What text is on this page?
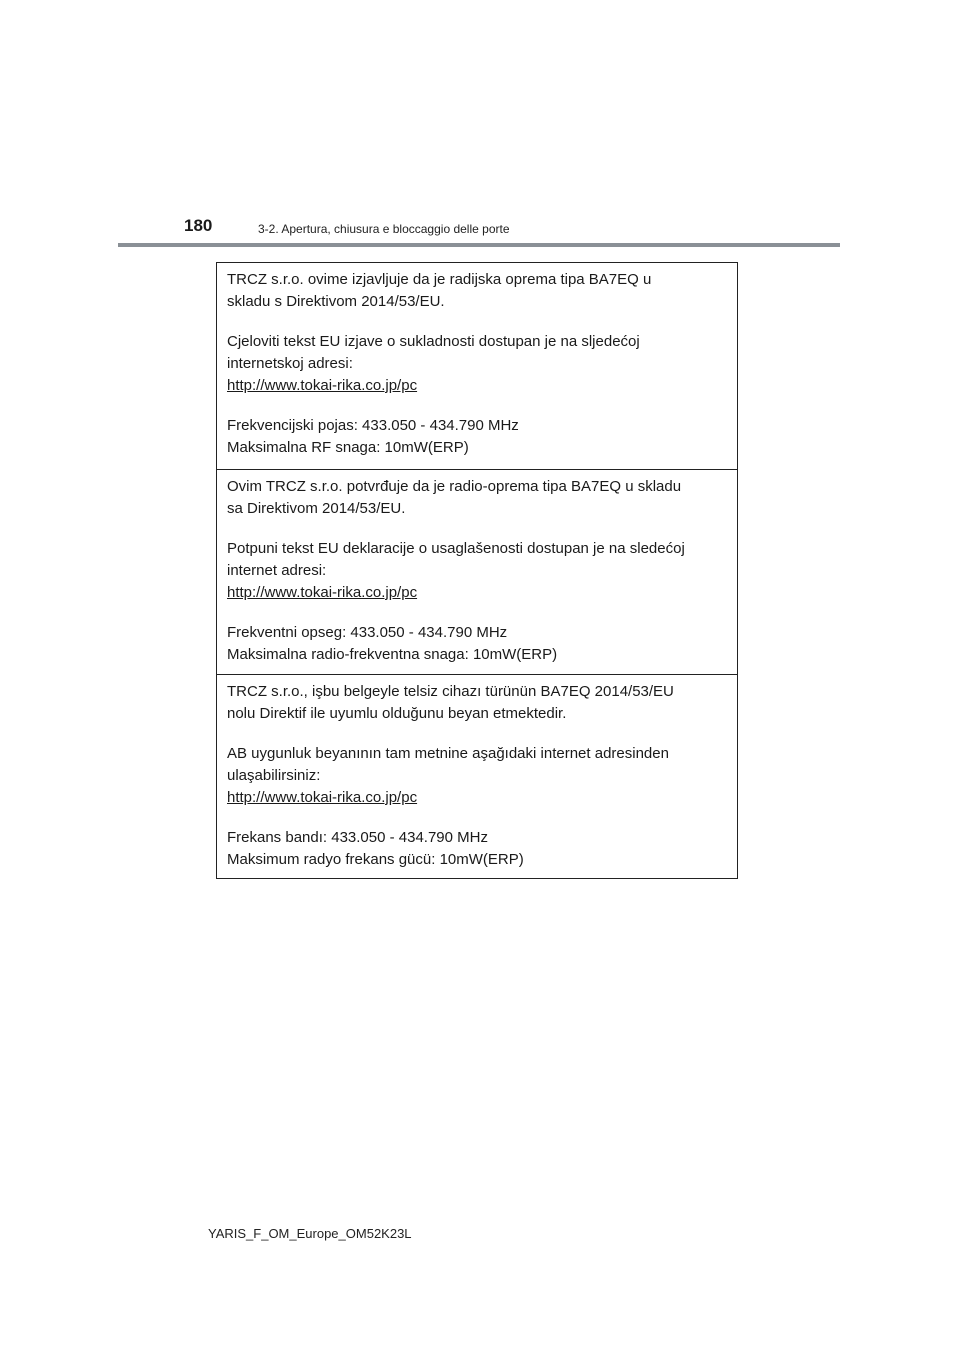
180	3-2. Apertura, chiusura e bloccaggio delle porte

TRCZ s.r.o. ovime izjavljuje da je radijska oprema tipa BA7EQ u
skladu s Direktivom 2014/53/EU.

Cjeloviti tekst EU izjave o sukladnosti dostupan je na sljedećoj
internetskoj adresi:
http://www.tokai-rika.co.jp/pc

Frekvencijski pojas: 433.050 - 434.790 MHz
Maksimalna RF snaga: 10mW(ERP)

Ovim TRCZ s.r.o. potvrđuje da je radio-oprema tipa BA7EQ u skladu
sa Direktivom 2014/53/EU.

Potpuni tekst EU deklaracije o usaglašenosti dostupan je na sledećoj
internet adresi:
http://www.tokai-rika.co.jp/pc

Frekventni opseg: 433.050 - 434.790 MHz
Maksimalna radio-frekventna snaga: 10mW(ERP)

TRCZ s.r.o., işbu belgeyle telsiz cihazı türünün BA7EQ 2014/53/EU
nolu Direktif ile uyumlu olduğunu beyan etmektedir.

AB uygunluk beyanının tam metnine aşağıdaki internet adresinden
ulaşabilirsiniz:
http://www.tokai-rika.co.jp/pc

Frekans bandı: 433.050 - 434.790 MHz
Maksimum radyo frekans gücü: 10mW(ERP)

YARIS_F_OM_Europe_OM52K23L
